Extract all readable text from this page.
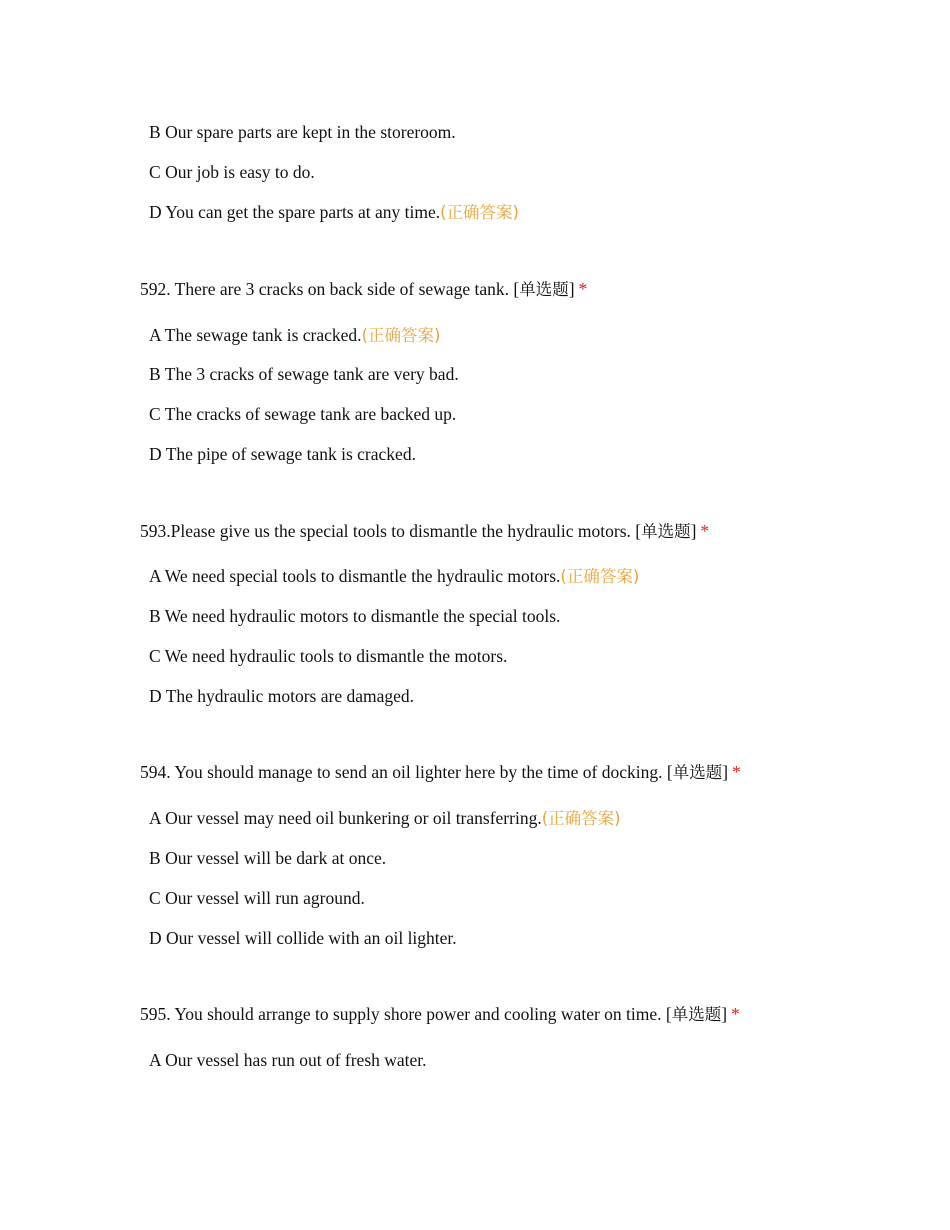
B Our spare parts are kept in the storeroom.
C Our job is easy to do.
D You can get the spare parts at any time.(正确答案)
592. There are 3 cracks on back side of sewage tank. [单选题] *
A The sewage tank is cracked.(正确答案)
B The 3 cracks of sewage tank are very bad.
C The cracks of sewage tank are backed up.
D The pipe of sewage tank is cracked.
593.Please give us the special tools to dismantle the hydraulic motors. [单选题] *
A We need special tools to dismantle the hydraulic motors.(正确答案)
B We need hydraulic motors to dismantle the special tools.
C We need hydraulic tools to dismantle the motors.
D The hydraulic motors are damaged.
594. You should manage to send an oil lighter here by the time of docking. [单选题] *
A Our vessel may need oil bunkering or oil transferring.(正确答案)
B Our vessel will be dark at once.
C Our vessel will run aground.
D Our vessel will collide with an oil lighter.
595. You should arrange to supply shore power and cooling water on time. [单选题] *
A Our vessel has run out of fresh water.
